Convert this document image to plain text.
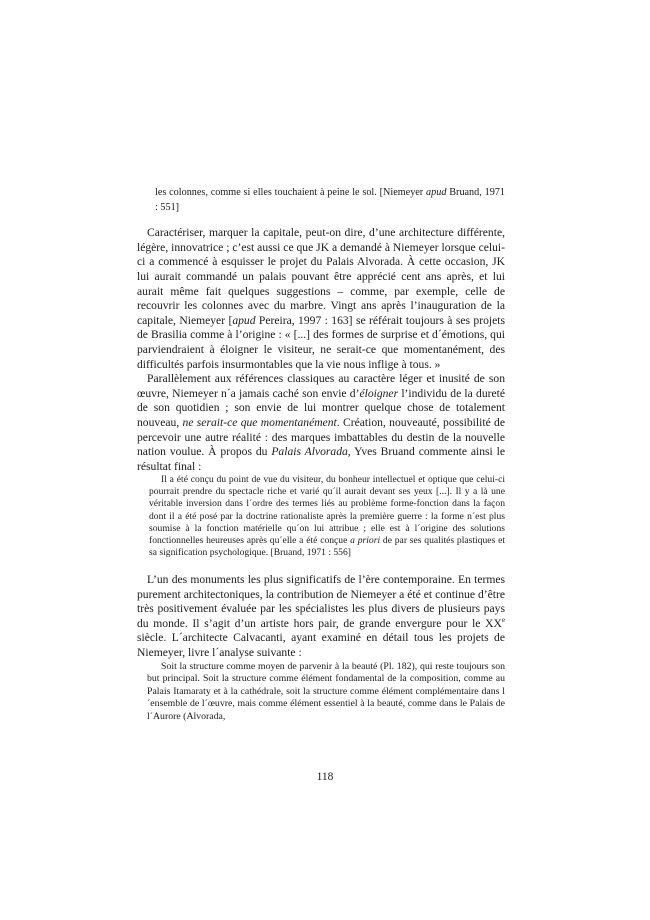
les colonnes, comme si elles touchaient à peine le sol. [Niemeyer apud Bruand, 1971 : 551]

Caractériser, marquer la capitale, peut-on dire, d’une architecture différente, légère, innovatrice ; c’est aussi ce que JK a demandé à Niemeyer lorsque celui-ci a commencé à esquisser le projet du Palais Alvorada. À cette occasion, JK lui aurait commandé un palais pouvant être apprécié cent ans après, et lui aurait même fait quelques suggestions – comme, par exemple, celle de recouvrir les colonnes avec du marbre. Vingt ans après l’inauguration de la capitale, Niemeyer [apud Pereira, 1997 : 163] se référait toujours à ses projets de Brasilia comme à l’origine : « [...] des formes de surprise et d´émotions, qui parviendraient à éloigner le visiteur, ne serait-ce que momentanément, des difficultés parfois insurmontables que la vie nous inflige à tous. »

Parallèlement aux références classiques au caractère léger et inusité de son œuvre, Niemeyer n´a jamais caché son envie d’éloigner l’individu de la dureté de son quotidien ; son envie de lui montrer quelque chose de totalement nouveau, ne serait-ce que momentanément. Création, nouveauté, possibilité de percevoir une autre réalité : des marques imbattables du destin de la nouvelle nation voulue. À propos du Palais Alvorada, Yves Bruand commente ainsi le résultat final :

Il a été conçu du point de vue du visiteur, du bonheur intellectuel et optique que celui-ci pourrait prendre du spectacle riche et varié qu´il aurait devant ses yeux [...]. Il y a là une véritable inversion dans l´ordre des termes liés au problème forme-fonction dans la façon dont il a été posé par la doctrine rationaliste après la première guerre : la forme n´est plus soumise à la fonction matérielle qu´on lui attribue ; elle est à l´origine des solutions fonctionnelles heureuses après qu´elle a été conçue a priori de par ses qualités plastiques et sa signification psychologique. [Bruand, 1971 : 556]

L’un des monuments les plus significatifs de l’ère contemporaine. En termes purement architectoniques, la contribution de Niemeyer a été et continue d’être très positivement évaluée par les spécialistes les plus divers de plusieurs pays du monde. Il s’agit d’un artiste hors pair, de grande envergure pour le XXe siècle. L´architecte Calvacanti, ayant examiné en détail tous les projets de Niemeyer, livre l´analyse suivante :

Soit la structure comme moyen de parvenir à la beauté (Pl. 182), qui reste toujours son but principal. Soit la structure comme élément fondamental de la composition, comme au Palais Itamaraty et à la cathédrale, soit la structure comme élément complémentaire dans l´ensemble de l´œuvre, mais comme élément essentiel à la beauté, comme dans le Palais de l´Aurore (Alvorada,

118
